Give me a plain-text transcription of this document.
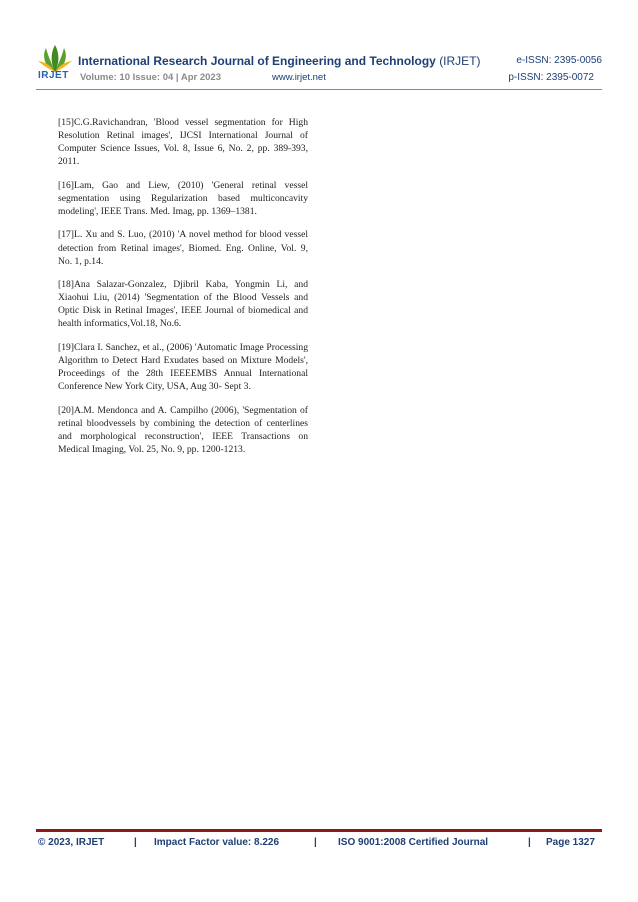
IRJET
International Research Journal of Engineering and Technology (IRJET)	e-ISSN: 2395-0056
Volume: 10 Issue: 04 | Apr 2023	www.irjet.net	p-ISSN: 2395-0072

[15]C.G.Ravichandran, 'Blood vessel segmentation for High Resolution Retinal images', IJCSI International Journal of Computer Science Issues, Vol. 8, Issue 6, No. 2, pp. 389-393, 2011.

[16]Lam, Gao and Liew, (2010) 'General retinal vessel segmentation using Regularization based multiconcavity modeling', IEEE Trans. Med. Imag, pp. 1369–1381.

[17]L. Xu and S. Luo, (2010) 'A novel method for blood vessel detection from Retinal images', Biomed. Eng. Online, Vol. 9, No. 1, p.14.

[18]Ana Salazar-Gonzalez, Djibril Kaba, Yongmin Li, and Xiaohui Liu, (2014) 'Segmentation of the Blood Vessels and Optic Disk in Retinal Images', IEEE Journal of biomedical and health informatics,Vol.18, No.6.

[19]Clara I. Sanchez, et al., (2006) 'Automatic Image Processing Algorithm to Detect Hard Exudates based on Mixture Models', Proceedings of the 28th IEEEEMBS Annual International Conference New York City, USA, Aug 30- Sept 3.

[20]A.M. Mendonca and A. Campilho (2006), 'Segmentation of retinal bloodvessels by combining the detection of centerlines and morphological reconstruction', IEEE Transactions on Medical Imaging, Vol. 25, No. 9, pp. 1200-1213.

© 2023, IRJET	| Impact Factor value: 8.226	| ISO 9001:2008 Certified Journal	| Page 1327
